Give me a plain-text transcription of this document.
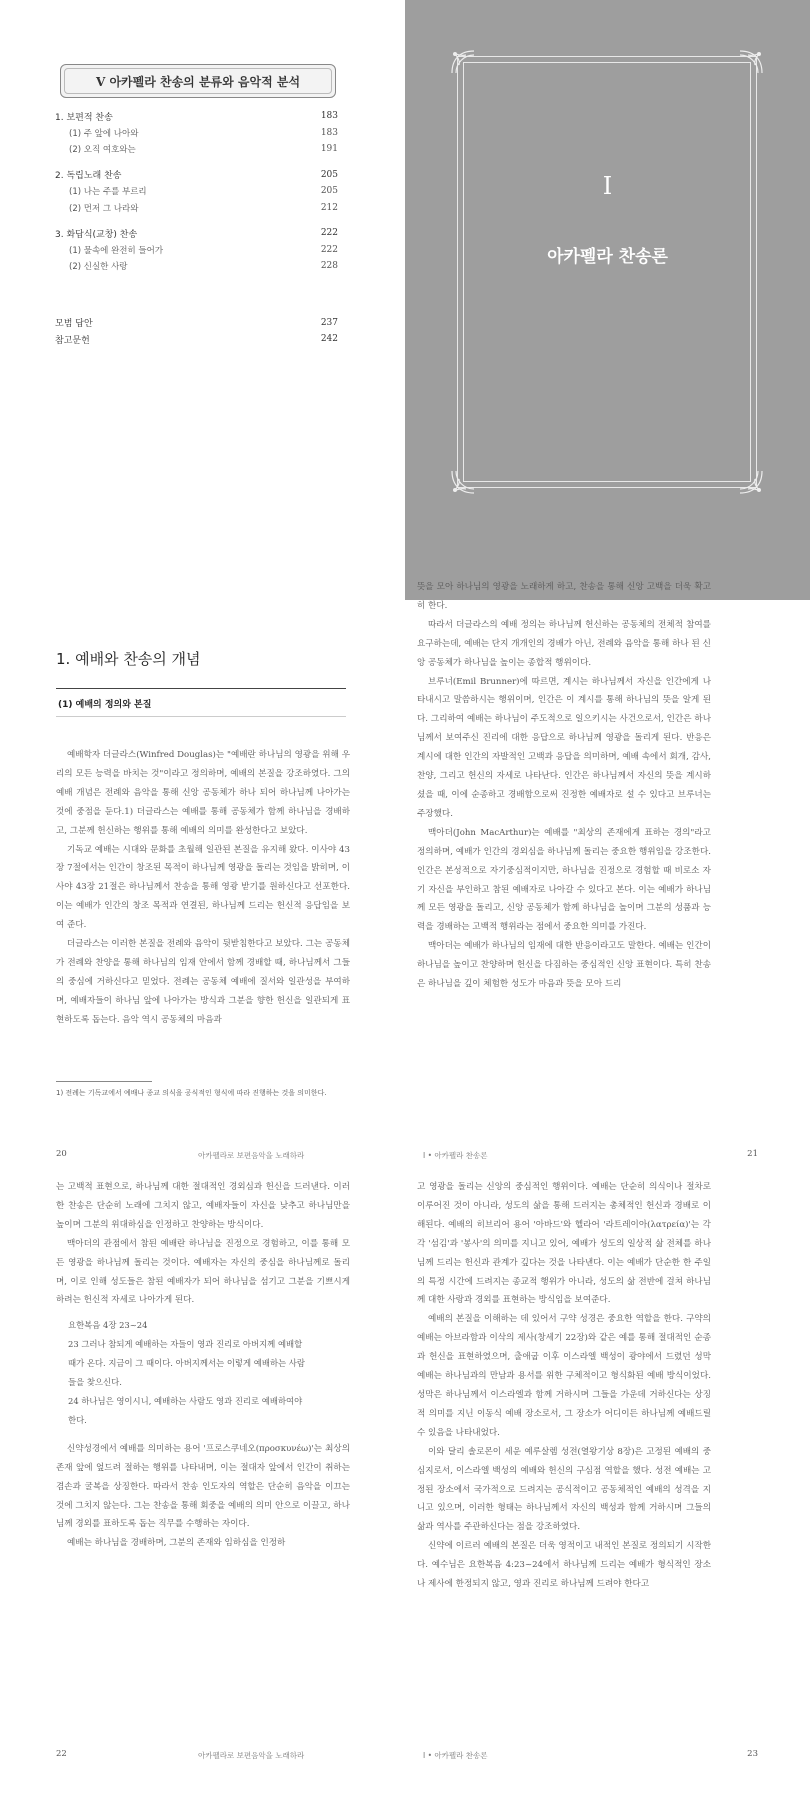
V 아카펠라 찬송의 분류와 음악적 분석
1. 보편적 찬송	183
(1) 주 앞에 나아와	183
(2) 오직 여호와는	191
2. 독립노래 찬송	205
(1) 나는 주를 부르리	205
(2) 먼저 그 나라와	212
3. 화답식(교창) 찬송	222
(1) 물속에 완전히 들어가	222
(2) 신실한 사랑	228
모범 답안	237
참고문헌	242
I
아카펠라 찬송론
1. 예배와 찬송의 개념
(1) 예배의 정의와 본질

예배학자 더글라스(Winfred Douglas)는 "예배란 하나님의 영광을 위해 우리의 모든 능력을 바치는 것"이라고 정의하며, 예배의 본질을 강조하였다. 그의 예배 개념은 전례와 음악을 통해 신앙 공동체가 하나 되어 하나님께 나아가는 것에 중점을 둔다.1) 더글라스는 예배를 통해 공동체가 함께 하나님을 경배하고, 그분께 헌신하는 행위를 통해 예배의 의미를 완성한다고 보았다.

기독교 예배는 시대와 문화를 초월해 일관된 본질을 유지해 왔다. 이사야 43장 7절에서는 인간이 창조된 목적이 하나님께 영광을 돌리는 것임을 밝히며, 이사야 43장 21절은 하나님께서 찬송을 통해 영광 받기를 원하신다고 선포한다. 이는 예배가 인간의 창조 목적과 연결된, 하나님께 드리는 헌신적 응답임을 보여 준다.

더글라스는 이러한 본질을 전례와 음악이 뒷받침한다고 보았다. 그는 공동체가 전례와 찬양을 통해 하나님의 임재 안에서 함께 경배할 때, 하나님께서 그들의 중심에 거하신다고 믿었다. 전례는 공동체 예배에 질서와 일관성을 부여하며, 예배자들이 하나님 앞에 나아가는 방식과 그분을 향한 헌신을 일관되게 표현하도록 돕는다. 음악 역시 공동체의 마음과

1) 전례는 기독교에서 예배나 종교 의식을 공식적인 형식에 따라 진행하는 것을 의미한다.
20	아카펠라로 보편음악을 노래하라

뜻을 모아 하나님의 영광을 노래하게 하고, 찬송을 통해 신앙 고백을 더욱 확고히 한다.

따라서 더글라스의 예배 정의는 하나님께 헌신하는 공동체의 전체적 참여를 요구하는데, 예배는 단지 개개인의 경배가 아닌, 전례와 음악을 통해 하나 된 신앙 공동체가 하나님을 높이는 종합적 행위이다.

브루너(Emil Brunner)에 따르면, 계시는 하나님께서 자신을 인간에게 나타내시고 말씀하시는 행위이며, 인간은 이 계시를 통해 하나님의 뜻을 알게 된다. 그리하여 예배는 하나님이 주도적으로 일으키시는 사건으로서, 인간은 하나님께서 보여주신 진리에 대한 응답으로 하나님께 영광을 돌리게 된다. 반응은 계시에 대한 인간의 자발적인 고백과 응답을 의미하며, 예배 속에서 회개, 감사, 찬양, 그리고 헌신의 자세로 나타난다. 인간은 하나님께서 자신의 뜻을 계시하셨을 때, 이에 순종하고 경배함으로써 진정한 예배자로 설 수 있다고 브루너는 주장했다.

맥아더(John MacArthur)는 예배를 "최상의 존재에게 표하는 경의"라고 정의하며, 예배가 인간의 경외심을 하나님께 돌리는 중요한 행위임을 강조한다. 인간은 본성적으로 자기중심적이지만, 하나님을 진정으로 경험할 때 비로소 자기 자신을 부인하고 참된 예배자로 나아갈 수 있다고 본다. 이는 예배가 하나님께 모든 영광을 돌리고, 신앙 공동체가 함께 하나님을 높이며 그분의 성품과 능력을 경배하는 고백적 행위라는 점에서 중요한 의미를 가진다.

맥아더는 예배가 하나님의 임재에 대한 반응이라고도 말한다. 예배는 인간이 하나님을 높이고 찬양하며 헌신을 다짐하는 중심적인 신앙 표현이다. 특히 찬송은 하나님을 깊이 체험한 성도가 마음과 뜻을 모아 드리

I • 아카펠라 찬송론	21

는 고백적 표현으로, 하나님께 대한 절대적인 경외심과 헌신을 드러낸다. 이러한 찬송은 단순히 노래에 그치지 않고, 예배자들이 자신을 낮추고 하나님만을 높이며 그분의 위대하심을 인정하고 찬양하는 방식이다.

맥아더의 관점에서 참된 예배란 하나님을 진정으로 경험하고, 이를 통해 모든 영광을 하나님께 돌리는 것이다. 예배자는 자신의 중심을 하나님께로 돌리며, 이로 인해 성도들은 참된 예배자가 되어 하나님을 섬기고 그분을 기쁘시게 하려는 헌신적 자세로 나아가게 된다.

요한복음 4장 23~24
23 그러나 참되게 예배하는 자들이 영과 진리로 아버지께 예배할
때가 온다. 지금이 그 때이다. 아버지께서는 이렇게 예배하는 사람
들을 찾으신다.
24 하나님은 영이시니, 예배하는 사람도 영과 진리로 예배하여야
한다.

신약성경에서 예배를 의미하는 용어 '프로스쿠네오(προσκυνέω)'는 최상의 존재 앞에 엎드려 절하는 행위를 나타내며, 이는 절대자 앞에서 인간이 취하는 겸손과 굴복을 상징한다. 따라서 찬송 인도자의 역할은 단순히 음악을 이끄는 것에 그치지 않는다. 그는 찬송을 통해 회중을 예배의 의미 안으로 이끌고, 하나님께 경외를 표하도록 돕는 직무를 수행하는 자이다.

예배는 하나님을 경배하며, 그분의 존재와 임하심을 인정하

22	아카펠라로 보편음악을 노래하라

고 영광을 돌리는 신앙의 중심적인 행위이다. 예배는 단순히 의식이나 절차로 이루어진 것이 아니라, 성도의 삶을 통해 드러지는 총체적인 헌신과 경배로 이해된다. 예배의 히브리어 용어 '아바드'와 헬라어 '라트레이아(λατρεία)'는 각각 '섬김'과 '봉사'의 의미를 지니고 있어, 예배가 성도의 일상적 삶 전체를 하나님께 드리는 헌신과 관계가 깊다는 것을 나타낸다. 이는 예배가 단순한 한 주일의 특정 시간에 드려지는 종교적 행위가 아니라, 성도의 삶 전반에 걸쳐 하나님께 대한 사랑과 경외를 표현하는 방식임을 보여준다.

예배의 본질을 이해하는 데 있어서 구약 성경은 중요한 역할을 한다. 구약의 예배는 아브라함과 이삭의 제사(창세기 22장)와 같은 예를 통해 절대적인 순종과 헌신을 표현하였으며, 출애굽 이후 이스라엘 백성이 광야에서 드렸던 성막 예배는 하나님과의 만남과 용서를 위한 구체적이고 형식화된 예배 방식이었다. 성막은 하나님께서 이스라엘과 함께 거하시며 그들을 가운데 거하신다는 상징적 의미를 지닌 이동식 예배 장소로서, 그 장소가 어디이든 하나님께 예배드릴 수 있음을 나타내었다.

이와 달리 솔로몬이 세운 예루살렘 성전(열왕기상 8장)은 고정된 예배의 중심지로서, 이스라엘 백성의 예배와 헌신의 구심점 역할을 했다. 성전 예배는 고정된 장소에서 국가적으로 드려지는 공식적이고 공동체적인 예배의 성격을 지니고 있으며, 이러한 형태는 하나님께서 자신의 백성과 함께 거하시며 그들의 삶과 역사를 주관하신다는 점을 강조하였다.

신약에 이르러 예배의 본질은 더욱 영적이고 내적인 본질로 정의되기 시작한다. 예수님은 요한복음 4:23~24에서 하나님께 드리는 예배가 형식적인 장소나 제사에 한정되지 않고, 영과 진리로 하나님께 드려야 한다고

I • 아카펠라 찬송론	23
